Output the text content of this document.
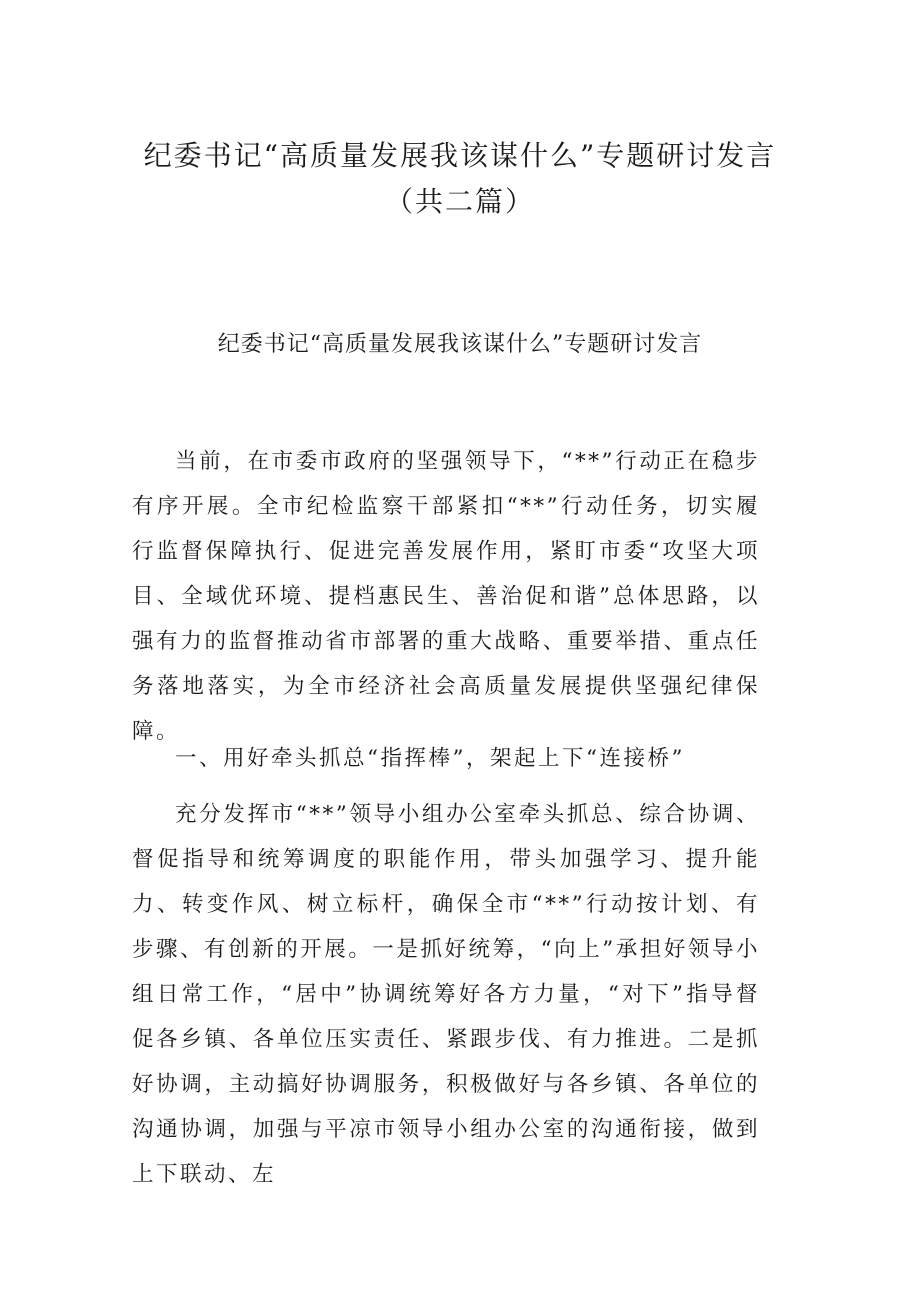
纪委书记“高质量发展我该谋什么”专题研讨发言
（共二篇）
纪委书记“高质量发展我该谋什么”专题研讨发言

当前，在市委市政府的坚强领导下，“**”行动正在稳步有序开展。全市纪检监察干部紧扣“**”行动任务，切实履行监督保障执行、促进完善发展作用，紧盯市委“攻坚大项目、全域优环境、提档惠民生、善治促和谐”总体思路，以强有力的监督推动省市部署的重大战略、重要举措、重点任务落地落实，为全市经济社会高质量发展提供坚强纪律保障。

一、用好牵头抓总“指挥棒”，架起上下“连接桥”

充分发挥市“**”领导小组办公室牵头抓总、综合协调、督促指导和统筹调度的职能作用，带头加强学习、提升能力、转变作风、树立标杆，确保全市“**”行动按计划、有步骤、有创新的开展。一是抓好统筹，“向上”承担好领导小组日常工作，“居中”协调统筹好各方力量，“对下”指导督促各乡镇、各单位压实责任、紧跟步伐、有力推进。二是抓好协调，主动搞好协调服务，积极做好与各乡镇、各单位的沟通协调，加强与平凉市领导小组办公室的沟通衔接，做到上下联动、左
